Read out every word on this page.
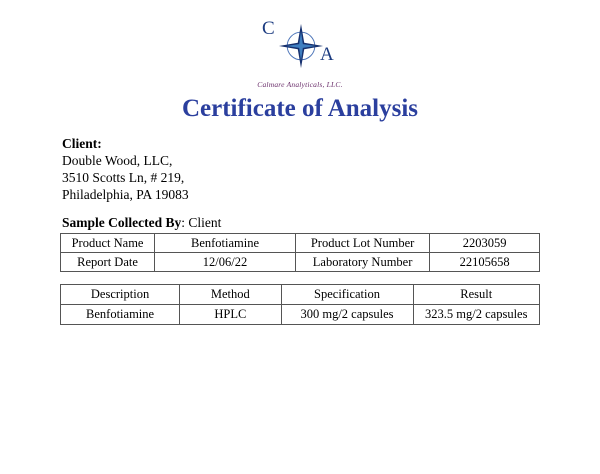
C
A
Calmare Analyticals, LLC.
Certificate of Analysis
Client:
Double Wood, LLC,
3510 Scotts Ln, # 219,
Philadelphia, PA 19083
Sample Collected By: Client
Product Name	Benfotiamine	Product Lot Number	2203059
Report Date	12/06/22	Laboratory Number	22105658
Description	Method	Specification	Result
Benfotiamine	HPLC	300 mg/2 capsules	323.5 mg/2 capsules
